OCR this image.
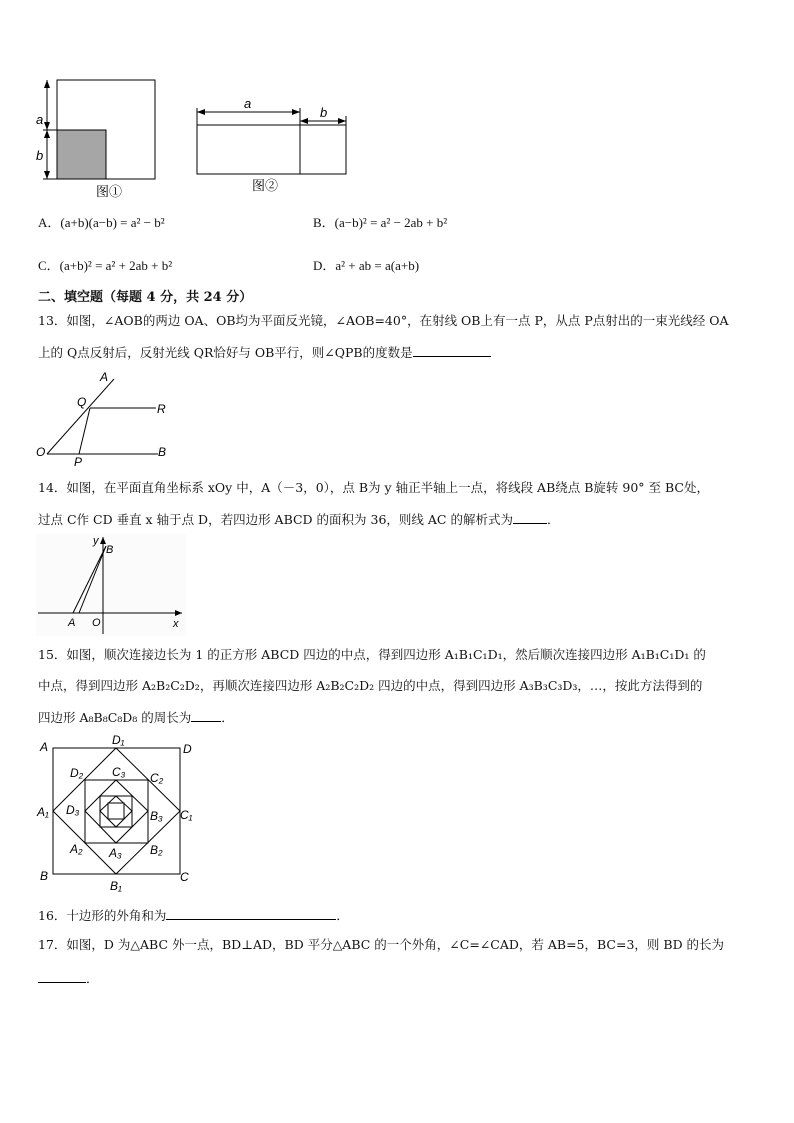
a
b
图①
a
b
图②
A．(a+b)(a−b) = a² − b²	B．(a−b)² = a² − 2ab + b²
C．(a+b)² = a² + 2ab + b²	D．a² + ab = a(a+b)
二、填空题（每题 4 分，共 24 分）
13．如图，∠AOB的两边 OA、OB均为平面反光镜，∠AOB=40°，在射线 OB上有一点 P，从点 P点射出的一束光线经 OA
上的 Q点反射后，反射光线 QR恰好与 OB平行，则∠QPB的度数是
A
Q	R
O
P
B
14．如图，在平面直角坐标系 xOy 中，A（－3，0），点 B为 y 轴正半轴上一点，将线段 AB绕点 B旋转 90° 至 BC处，
过点 C作 CD 垂直 x 轴于点 D，若四边形 ABCD 的面积为 36，则线 AC 的解析式为	．
y
B
A O	x
15．如图，顺次连接边长为 1 的正方形 ABCD 四边的中点，得到四边形 A₁B₁C₁D₁，然后顺次连接四边形 A₁B₁C₁D₁ 的
中点，得到四边形 A₂B₂C₂D₂，再顺次连接四边形 A₂B₂C₂D₂ 四边的中点，得到四边形 A₃B₃C₃D₃，…，按此方法得到的
四边形 A₈B₈C₈D₈ 的周长为 ．
A	D₁
D
D₂ C₃ C₂
A₁ D₃	B₃ C₁
A₂ A₃ B₂
B
B₁
C
16．十边形的外角和为	．
17．如图，D 为△ABC 外一点，BD⊥AD，BD 平分△ABC 的一个外角，∠C=∠CAD，若 AB=5，BC=3，则 BD 的长为
．
